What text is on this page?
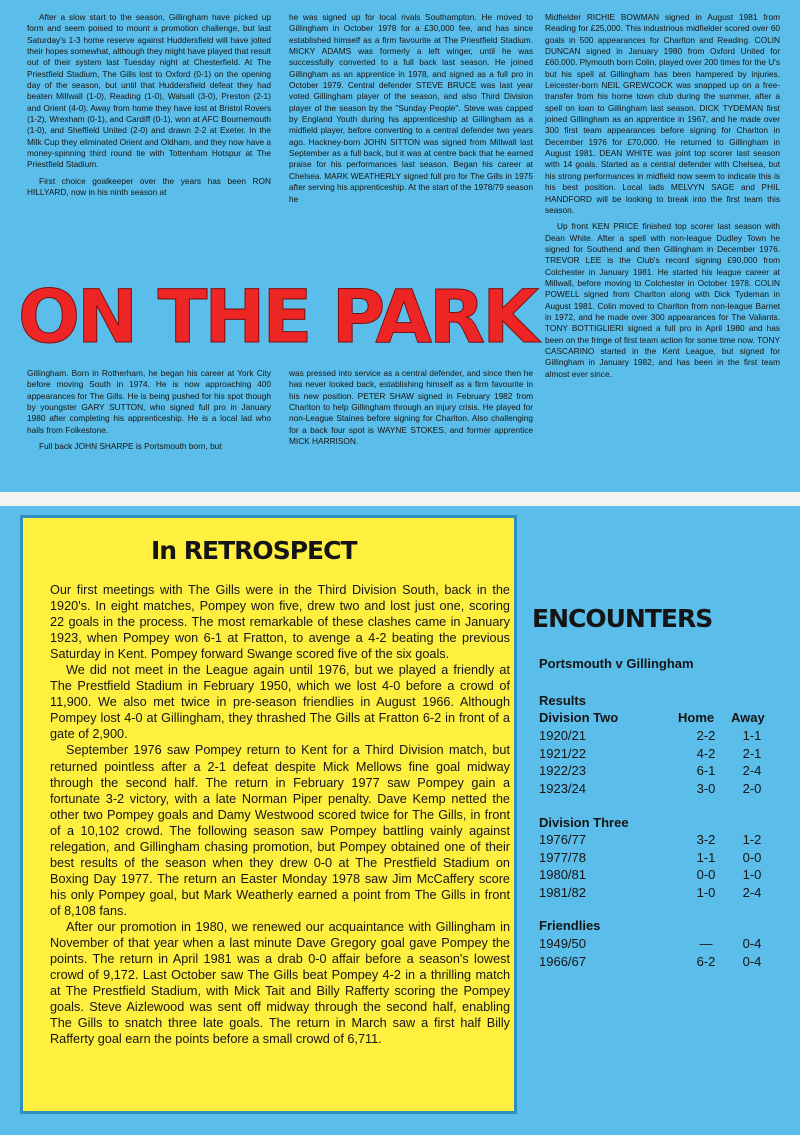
After a slow start to the season, Gillingham have picked up form and seem poised to mount a promotion challenge, but last Saturday's 1-3 home reserve against Huddersfield will have jolted their hopes somewhat, although they might have played that result out of their system last Tuesday night at Chesterfield. At The Priestfield Stadium, The Gills lost to Oxford (0-1) on the opening day of the season, but until that Huddersfield defeat they had beaten Millwall (1-0), Reading (1-0), Walsall (3-0), Preston (2-1) and Orient (4-0). Away from home they have lost at Bristol Rovers (1-2), Wrexham (0-1), and Cardiff (0-1), won at AFC Bournemouth (1-0), and Sheffield United (2-0) and drawn 2-2 at Exeter. In the Milk Cup they eliminated Orient and Oldham, and they now have a money-spinning third round tie with Tottenham Hotspur at The Priestfield Stadium.

First choice goalkeeper over the years has been RON HILLYARD, now in his ninth season at

he was signed up for local rivals Southampton. He moved to Gillingham in October 1978 for a £30,000 fee, and has since established himself as a firm favourite at The Priestfield Stadium. MICKY ADAMS was formerly a left winger, until he was successfully converted to a full back last season. He joined Gillingham as an apprentice in 1978, and signed as a full pro in October 1979. Central defender STEVE BRUCE was last year voted Gillingham player of the season, and also Third Division player of the season by the "Sunday People". Steve was capped by England Youth during his apprenticeship at Gillingham as a midfield player, before converting to a central defender two years ago. Hackney-born JOHN SITTON was signed from Millwall last September as a full back, but it was at centre back that he earned praise for his performances last season. Began his career at Chelsea. MARK WEATHERLY signed full pro for The Gills in 1975 after serving his apprenticeship. At the start of the 1978/79 season he

Midfielder RICHIE BOWMAN signed in August 1981 from Reading for £25,000. This industrious midfielder scored over 60 goals in 500 appearances for Charlton and Reading. COLIN DUNCAN signed in January 1980 from Oxford United for £60,000. Plymouth born Colin, played over 200 times for the U's but his spell at Gillingham has been hampered by injuries. Leicester-born NEIL GREWCOCK was snapped up on a free-transfer from his home town club during the summer, after a spell on loan to Gillingham last season. DICK TYDEMAN first joined Gillingham as an apprentice in 1967, and he made over 300 first team appearances before signing for Charlton in December 1976 for £70,000. He returned to Gillingham in August 1981. DEAN WHITE was joint top scorer last season with 14 goals. Started as a central defender with Chelsea, but his strong performances in midfield now seem to indicate this is his best position. Local lads MELVYN SAGE and PHIL HANDFORD will be looking to break into the first team this season.

Up front KEN PRICE finished top scorer last season with Dean White. After a spell with non-league Dudley Town he signed for Southend and then Gillingham in December 1976. TREVOR LEE is the Club's record signing £90,000 from Colchester in January 1981. He started his league career at Millwall, before moving to Colchester in October 1978. COLIN POWELL signed from Charlton along with Dick Tydeman in August 1981. Colin moved to Charlton from non-league Barnet in 1972, and he made over 300 appearances for The Valiants. TONY BOTTIGLIERI signed a full pro in April 1980 and has been on the fringe of first team action for some time now. TONY CASCARINO started in the Kent League, but signed for Gillingham in January 1982, and has been in the first team almost ever since.

ON THE PARK

Gillingham. Born in Rotherham, he began his career at York City before moving South in 1974. He is now approaching 400 appearances for The Gills. He is being pushed for his spot though by youngster GARY SUTTON, who signed full pro in January 1980 after completing his apprenticeship. He is a local lad who hails from Folkestone.

Full back JOHN SHARPE is Portsmouth born, but

was pressed into service as a central defender, and since then he has never looked back, establishing himself as a firm favourite in his new position. PETER SHAW signed in February 1982 from Charlton to help Gillingham through an injury crisis. He played for non-League Staines before signing for Charlton. Also challenging for a back four spot is WAYNE STOKES, and former apprentice MICK HARRISON.

In RETROSPECT

Our first meetings with The Gills were in the Third Division South, back in the 1920's. In eight matches, Pompey won five, drew two and lost just one, scoring 22 goals in the process. The most remarkable of these clashes came in January 1923, when Pompey won 6-1 at Fratton, to avenge a 4-2 beating the previous Saturday in Kent. Pompey forward Swange scored five of the six goals.

We did not meet in the League again until 1976, but we played a friendly at The Prestfield Stadium in February 1950, which we lost 4-0 before a crowd of 11,900. We also met twice in pre-season friendlies in August 1966. Although Pompey lost 4-0 at Gillingham, they thrashed The Gills at Fratton 6-2 in front of a gate of 2,900.

September 1976 saw Pompey return to Kent for a Third Division match, but returned pointless after a 2-1 defeat despite Mick Mellows fine goal midway through the second half. The return in February 1977 saw Pompey gain a fortunate 3-2 victory, with a late Norman Piper penalty. Dave Kemp netted the other two Pompey goals and Damy Westwood scored twice for The Gills, in front of a 10,102 crowd. The following season saw Pompey battling vainly against relegation, and Gillingham chasing promotion, but Pompey obtained one of their best results of the season when they drew 0-0 at The Prestfield Stadium on Boxing Day 1977. The return an Easter Monday 1978 saw Jim McCaffery score his only Pompey goal, but Mark Weatherly earned a point from The Gills in front of 8,108 fans.

After our promotion in 1980, we renewed our acquaintance with Gillingham in November of that year when a last minute Dave Gregory goal gave Pompey the points. The return in April 1981 was a drab 0-0 affair before a season's lowest crowd of 9,172. Last October saw The Gills beat Pompey 4-2 in a thrilling match at The Prestfield Stadium, with Mick Tait and Billy Rafferty scoring the Pompey goals. Steve Aizlewood was sent off midway through the second half, enabling The Gills to snatch three late goals. The return in March saw a first half Billy Rafferty goal earn the points before a small crowd of 6,711.

ENCOUNTERS
Portsmouth v Gillingham
Results
Division Two	Home Away
1920/21	2-2	1-1
1921/22	4-2	2-1
1922/23	6-1	2-4
1923/24	3-0	2-0
Division Three
1976/77	3-2	1-2
1977/78	1-1	0-0
1980/81	0-0	1-0
1981/82	1-0	2-4
Friendlies
1949/50	—	0-4
1966/67	6-2	0-4
